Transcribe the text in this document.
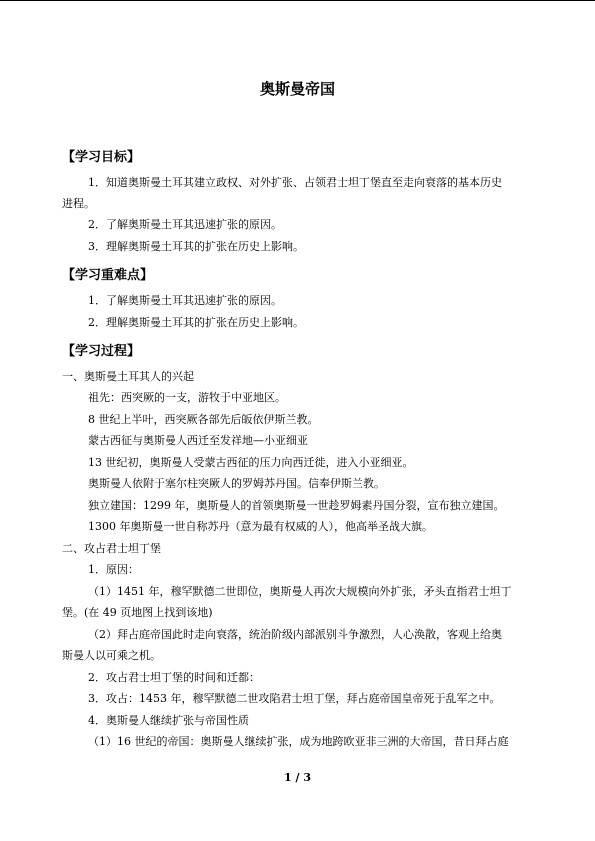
奥斯曼帝国
【学习目标】
1．知道奥斯曼土耳其建立政权、对外扩张、占领君士坦丁堡直至走向衰落的基本历史
进程。
2．了解奥斯曼土耳其迅速扩张的原因。
3．理解奥斯曼土耳其的扩张在历史上影响。
【学习重难点】
1．了解奥斯曼土耳其迅速扩张的原因。
2．理解奥斯曼土耳其的扩张在历史上影响。
【学习过程】
一、奥斯曼土耳其人的兴起
祖先：西突厥的一支，游牧于中亚地区。
8 世纪上半叶，西突厥各部先后皈依伊斯兰教。
蒙古西征与奥斯曼人西迁至发祥地—小亚细亚
13 世纪初，奥斯曼人受蒙古西征的压力向西迁徙，进入小亚细亚。
奥斯曼人依附于塞尔柱突厥人的罗姆苏丹国。信奉伊斯兰教。
独立建国：1299 年，奥斯曼人的首领奥斯曼一世趁罗姆素丹国分裂，宣布独立建国。
1300 年奥斯曼一世自称苏丹（意为最有权威的人），他高举圣战大旗。
二、攻占君士坦丁堡
1．原因：
（1）1451 年，穆罕默德二世即位，奥斯曼人再次大规模向外扩张，矛头直指君士坦丁
堡。(在 49 页地图上找到该地)
（2）拜占庭帝国此时走向衰落，统治阶级内部派别斗争激烈，人心涣散，客观上给奥
斯曼人以可乘之机。
2．攻占君士坦丁堡的时间和迁都：
3．攻占：1453 年，穆罕默德二世攻陷君士坦丁堡，拜占庭帝国皇帝死于乱军之中。
4．奥斯曼人继续扩张与帝国性质
（1）16 世纪的帝国：奥斯曼人继续扩张，成为地跨欧亚非三洲的大帝国，昔日拜占庭
1 / 3
